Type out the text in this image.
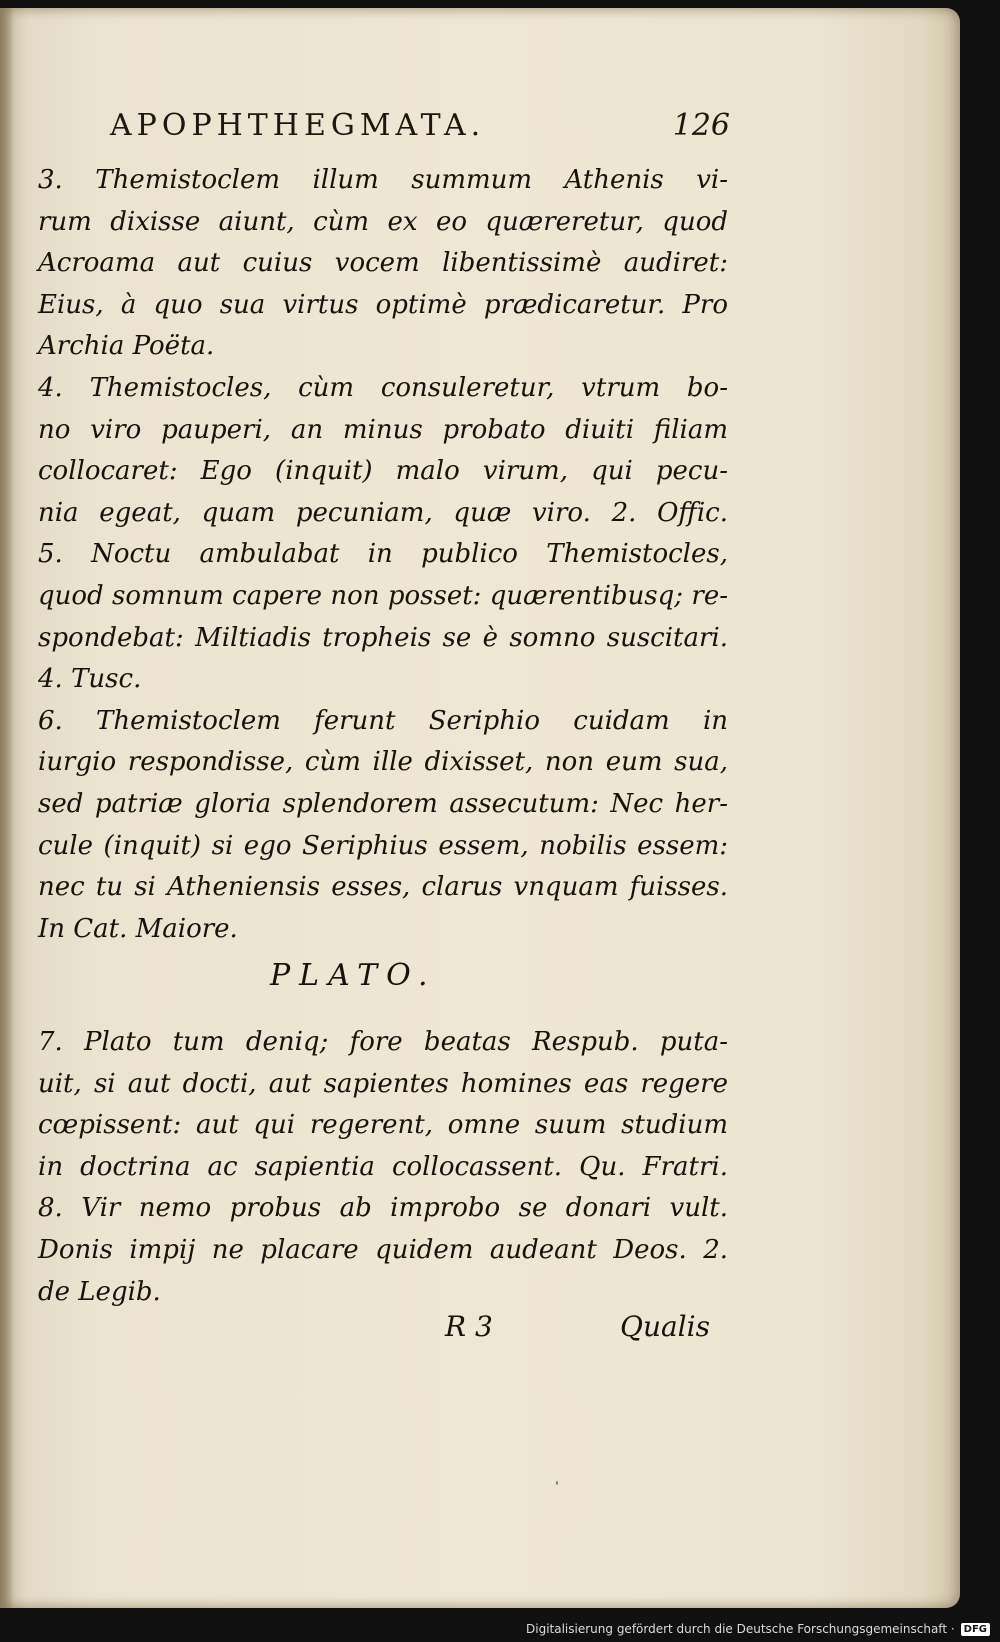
APOPHTHEGMATA.	126
3. Themistoclem illum summum Athenis vi-
rum dixisse aiunt, cùm ex eo quæreretur, quod
Acroama aut cuius vocem libentissimè audiret:
Eius, à quo sua virtus optimè prædicaretur. Pro
Archia Poëta.
4. Themistocles, cùm consuleretur, vtrum bo-
no viro pauperi, an minus probato diuiti filiam
collocaret: Ego (inquit) malo virum, qui pecu-
nia egeat, quam pecuniam, quæ viro. 2. Offic.
5. Noctu ambulabat in publico Themistocles,
quod somnum capere non posset: quærentibusq; re-
spondebat: Miltiadis tropheis se è somno suscitari.
4. Tusc.
6. Themistoclem ferunt Seriphio cuidam in
iurgio respondisse, cùm ille dixisset, non eum sua,
sed patriæ gloria splendorem assecutum: Nec her-
cule (inquit) si ego Seriphius essem, nobilis essem:
nec tu si Atheniensis esses, clarus vnquam fuisses.
In Cat. Maiore.
PLATO.
7. Plato tum deniq; fore beatas Respub. puta-
uit, si aut docti, aut sapientes homines eas regere
cœpissent: aut qui regerent, omne suum studium
in doctrina ac sapientia collocassent. Qu. Fratri.
8. Vir nemo probus ab improbo se donari vult.
Donis impij ne placare quidem audeant Deos. 2.
de Legib.
R 3	Qualis
ˈ
Digitalisierung gefördert durch die Deutsche Forschungsgemeinschaft · DFG
